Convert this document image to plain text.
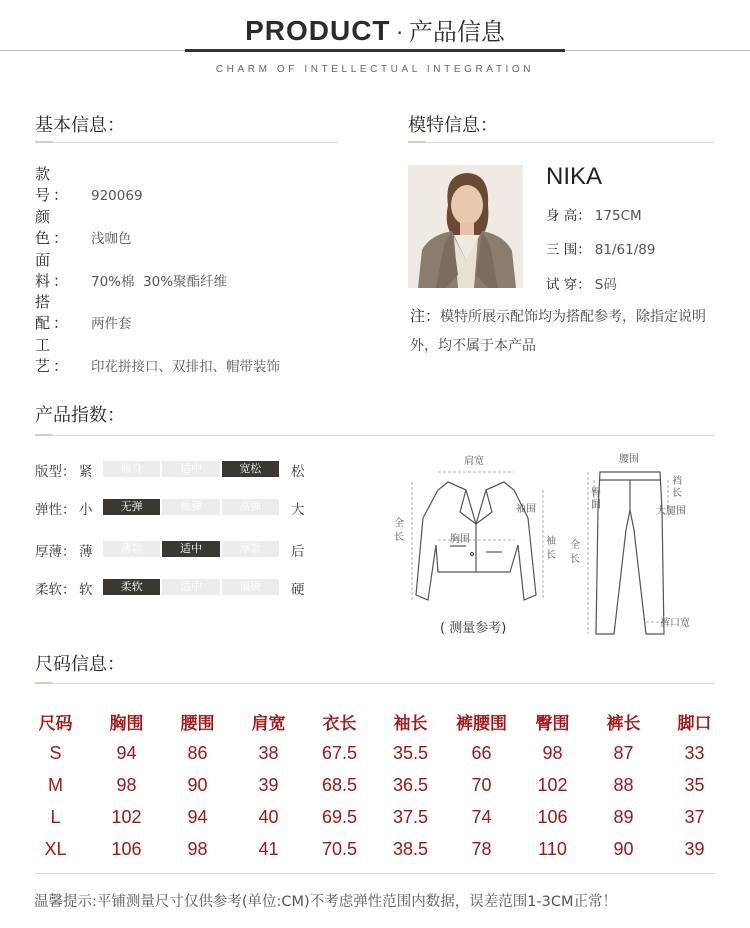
PRODUCT · 产品信息
CHARM OF INTELLECTUAL INTEGRATION
基本信息：
款 号： 920069
颜 色： 浅咖色
面 料： 70%棉  30%聚酯纤维
搭 配： 两件套
工 艺： 印花拼接口、双排扣、帽带装饰
模特信息：
NIKA
身 高： 175CM
三 围： 81/61/89
试 穿： S码
注：模特所展示配饰均为搭配参考，除指定说明外，均不属于本产品
产品指数：
版型： 紧	修身	适中	宽松	松
弹性： 小	无弹	微弹	高弹	大
厚薄： 薄	薄款	适中	厚款	后
柔软： 软	柔软	适中	偏硬	硬
肩宽
全
长	胸围
袖围
袖
长
腰围
臀
围
裆
长
大腿围
全
长
裤口宽
( 测量参考)
尺码信息：
尺码	胸围	腰围	肩宽	衣长	袖长	裤腰围	臀围	裤长	脚口
S	94	86	38	67.5	35.5	66	98	87	33
M	98	90	39	68.5	36.5	70	102	88	35
L	102	94	40	69.5	37.5	74	106	89	37
XL	106	98	41	70.5	38.5	78	110	90	39
温馨提示:平铺测量尺寸仅供参考(单位:CM)不考虑弹性范围内数据，误差范围1-3CM正常！
